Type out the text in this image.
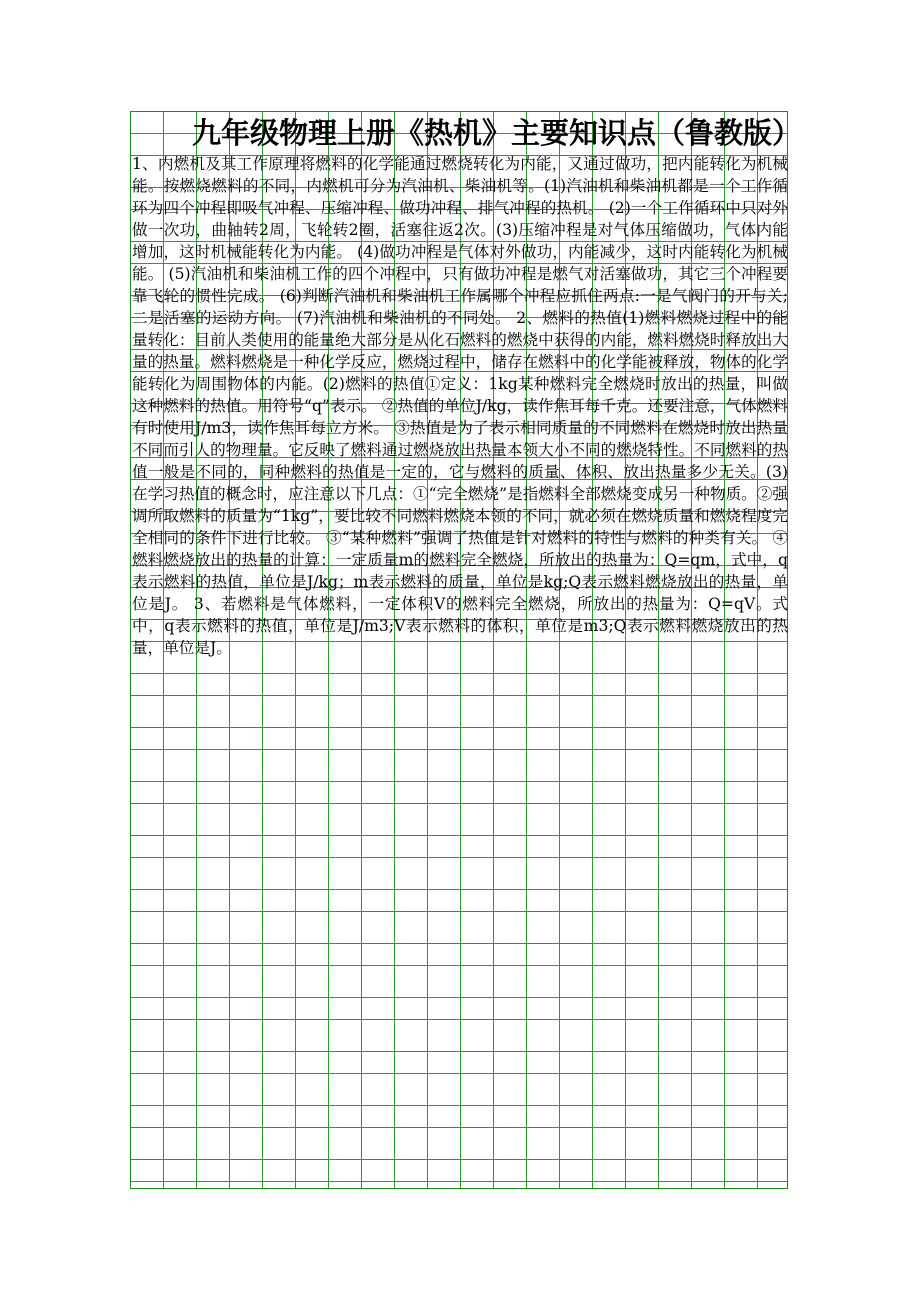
九年级物理上册《热机》主要知识点（鲁教版）

1、内燃机及其工作原理将燃料的化学能通过燃烧转化为内能，又通过做功，把内能转化为机械能。按燃烧燃料的不同，内燃机可分为汽油机、柴油机等。(1)汽油机和柴油机都是一个工作循环为四个冲程即吸气冲程、压缩冲程、做功冲程、排气冲程的热机。 (2)一个工作循环中只对外做一次功，曲轴转2周，飞轮转2圈，活塞往返2次。(3)压缩冲程是对气体压缩做功，气体内能增加，这时机械能转化为内能。 (4)做功冲程是气体对外做功，内能减少，这时内能转化为机械能。 (5)汽油机和柴油机工作的四个冲程中，只有做功冲程是燃气对活塞做功，其它三个冲程要靠飞轮的惯性完成。 (6)判断汽油机和柴油机工作属哪个冲程应抓住两点:一是气阀门的开与关;二是活塞的运动方向。 (7)汽油机和柴油机的不同处。 2、燃料的热值(1)燃料燃烧过程中的能量转化：目前人类使用的能量绝大部分是从化石燃料的燃烧中获得的内能，燃料燃烧时释放出大量的热量。燃料燃烧是一种化学反应，燃烧过程中，储存在燃料中的化学能被释放，物体的化学能转化为周围物体的内能。(2)燃料的热值①定义：1kg某种燃料完全燃烧时放出的热量，叫做这种燃料的热值。用符号“q”表示。 ②热值的单位J/kg，读作焦耳每千克。还要注意，气体燃料有时使用J/m3，读作焦耳每立方米。 ③热值是为了表示相同质量的不同燃料在燃烧时放出热量不同而引人的物理量。它反映了燃料通过燃烧放出热量本领大小不同的燃烧特性。不同燃料的热值一般是不同的，同种燃料的热值是一定的，它与燃料的质量、体积、放出热量多少无关。(3)在学习热值的概念时，应注意以下几点：①“完全燃烧”是指燃料全部燃烧变成另一种物质。②强调所取燃料的质量为“1kg”，要比较不同燃料燃烧本领的不同，就必须在燃烧质量和燃烧程度完全相同的条件下进行比较。 ③“某种燃料”强调了热值是针对燃料的特性与燃料的种类有关。 ④燃料燃烧放出的热量的计算：一定质量m的燃料完全燃烧，所放出的热量为：Q=qm，式中，q表示燃料的热值，单位是J/kg；m表示燃料的质量，单位是kg;Q表示燃料燃烧放出的热量，单位是J。 3、若燃料是气体燃料，一定体积V的燃料完全燃烧，所放出的热量为：Q=qV。式中，q表示燃料的热值，单位是J/m3;V表示燃料的体积，单位是m3;Q表示燃料燃烧放出的热量，单位是J。
